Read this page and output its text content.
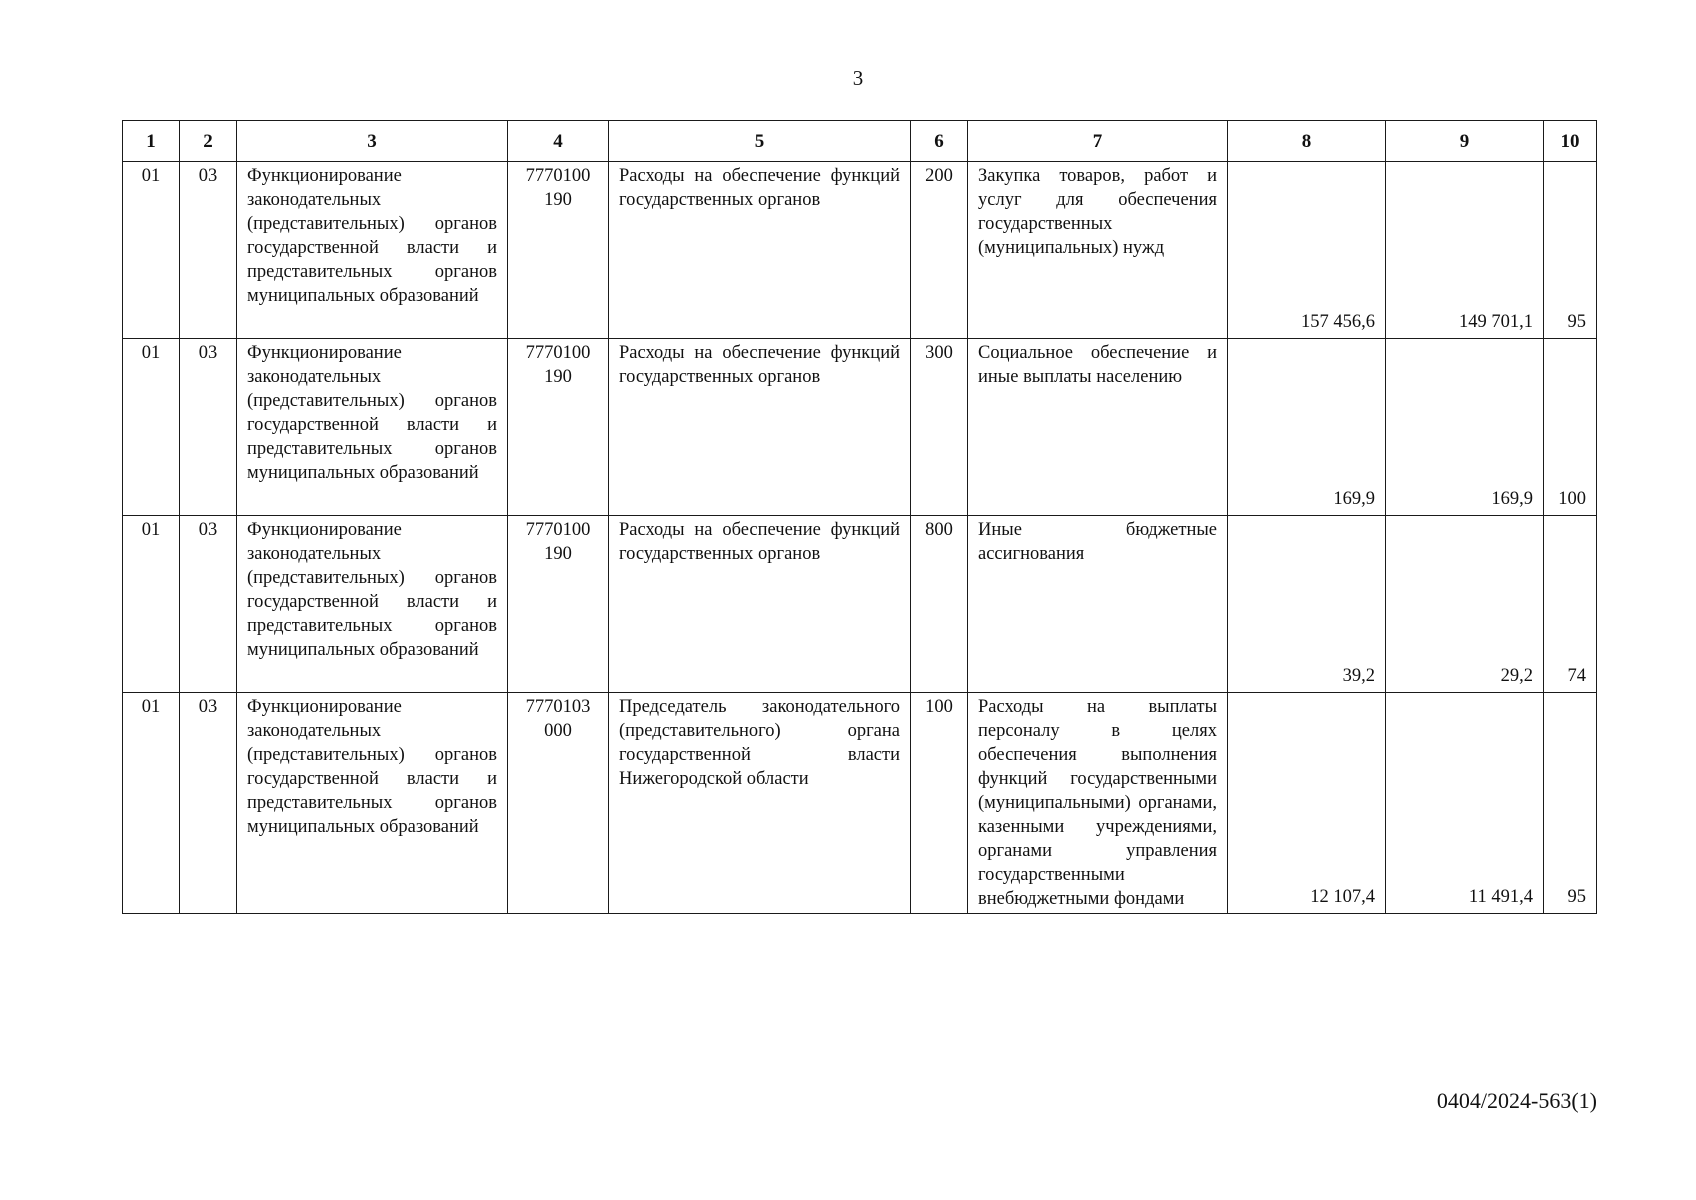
3
1	2	3	4	5	6	7	8	9	10
01	03	Функционирование законодательных (представительных) органов государственной власти и представительных органов муниципальных образований	7770100 190	Расходы на обеспечение функций государственных органов	200	Закупка товаров, работ и услуг для обеспечения государственных (муниципальных) нужд	157 456,6	149 701,1	95
01	03	Функционирование законодательных (представительных) органов государственной власти и представительных органов муниципальных образований	7770100 190	Расходы на обеспечение функций государственных органов	300	Социальное обеспечение и иные выплаты населению	169,9	169,9	100
01	03	Функционирование законодательных (представительных) органов государственной власти и представительных органов муниципальных образований	7770100 190	Расходы на обеспечение функций государственных органов	800	Иные бюджетные ассигнования	39,2	29,2	74
01	03	Функционирование законодательных (представительных) органов государственной власти и представительных органов муниципальных образований	7770103 000	Председатель законодательного (представительного) органа государственной власти Нижегородской области	100	Расходы на выплаты персоналу в целях обеспечения выполнения функций государственными (муниципальными) органами, казенными учреждениями, органами управления государственными внебюджетными фондами	12 107,4	11 491,4	95
0404/2024-563(1)
